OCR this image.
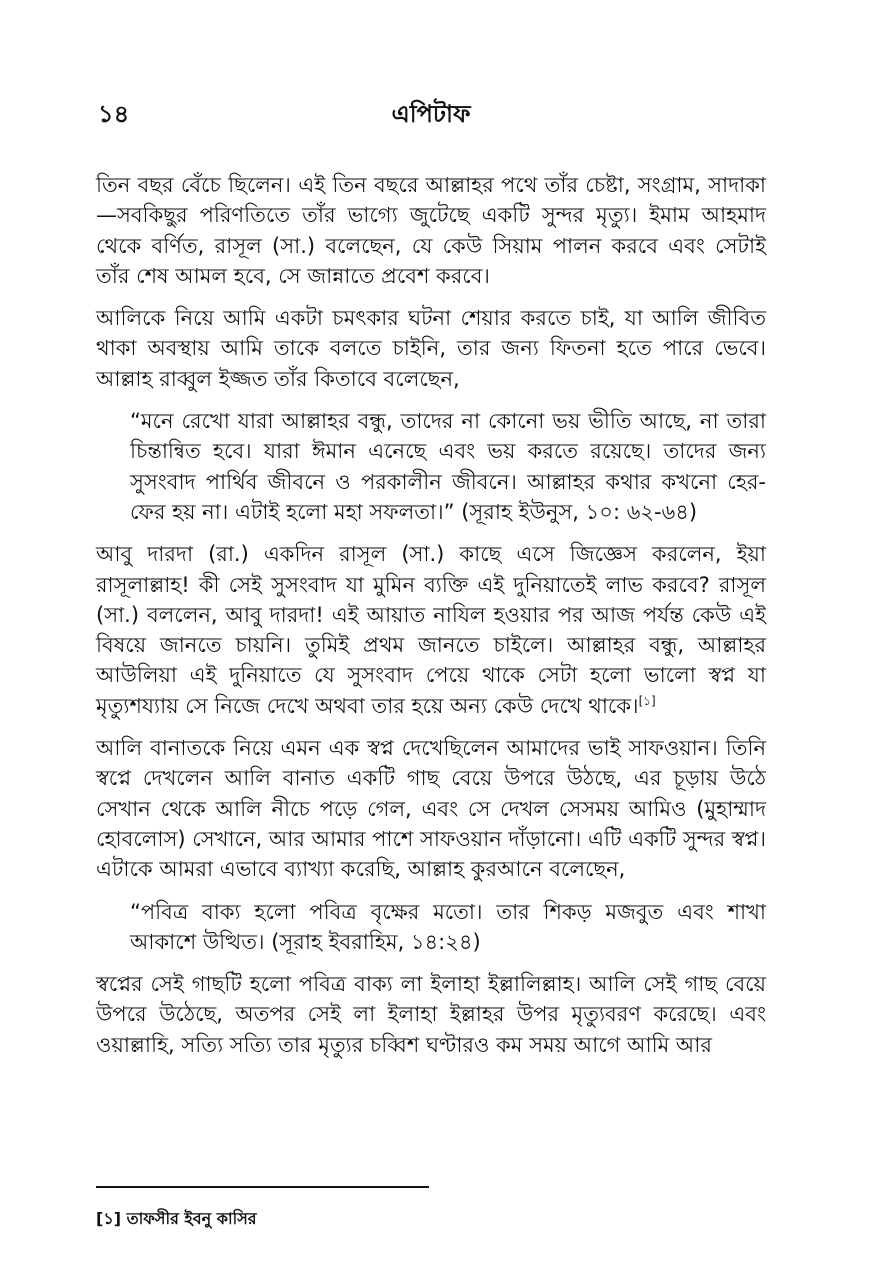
১৪	এপিটাফ

তিন বছর বেঁচে ছিলেন। এই তিন বছরে আল্লাহর পথে তাঁর চেষ্টা, সংগ্রাম, সাদাকা—সবকিছুর পরিণতিতে তাঁর ভাগ্যে জুটেছে একটি সুন্দর মৃত্যু। ইমাম আহমাদ থেকে বর্ণিত, রাসূল (সা.) বলেছেন, যে কেউ সিয়াম পালন করবে এবং সেটাই তাঁর শেষ আমল হবে, সে জান্নাতে প্রবেশ করবে।

আলিকে নিয়ে আমি একটা চমৎকার ঘটনা শেয়ার করতে চাই, যা আলি জীবিত থাকা অবস্থায় আমি তাকে বলতে চাইনি, তার জন্য ফিতনা হতে পারে ভেবে। আল্লাহ রাব্বুল ইজ্জত তাঁর কিতাবে বলেছেন,

“মনে রেখো যারা আল্লাহর বন্ধু, তাদের না কোনো ভয় ভীতি আছে, না তারা চিন্তান্বিত হবে। যারা ঈমান এনেছে এবং ভয় করতে রয়েছে। তাদের জন্য সুসংবাদ পার্থিব জীবনে ও পরকালীন জীবনে। আল্লাহর কথার কখনো হের-ফের হয় না। এটাই হলো মহা সফলতা।” (সূরাহ ইউনুস, ১০: ৬২-৬৪)

আবু দারদা (রা.) একদিন রাসূল (সা.) কাছে এসে জিজ্ঞেস করলেন, ইয়া রাসূলাল্লাহ! কী সেই সুসংবাদ যা মুমিন ব্যক্তি এই দুনিয়াতেই লাভ করবে? রাসূল (সা.) বললেন, আবু দারদা! এই আয়াত নাযিল হওয়ার পর আজ পর্যন্ত কেউ এই বিষয়ে জানতে চায়নি। তুমিই প্রথম জানতে চাইলে। আল্লাহর বন্ধু, আল্লাহর আউলিয়া এই দুনিয়াতে যে সুসংবাদ পেয়ে থাকে সেটা হলো ভালো স্বপ্ন যা মৃত্যুশয্যায় সে নিজে দেখে অথবা তার হয়ে অন্য কেউ দেখে থাকে।[১]

আলি বানাতকে নিয়ে এমন এক স্বপ্ন দেখেছিলেন আমাদের ভাই সাফওয়ান। তিনি স্বপ্নে দেখলেন আলি বানাত একটি গাছ বেয়ে উপরে উঠছে, এর চূড়ায় উঠে সেখান থেকে আলি নীচে পড়ে গেল, এবং সে দেখল সেসময় আমিও (মুহাম্মাদ হোবলোস) সেখানে, আর আমার পাশে সাফওয়ান দাঁড়ানো। এটি একটি সুন্দর স্বপ্ন। এটাকে আমরা এভাবে ব্যাখ্যা করেছি, আল্লাহ কুরআনে বলেছেন,

“পবিত্র বাক্য হলো পবিত্র বৃক্ষের মতো। তার শিকড় মজবুত এবং শাখা আকাশে উত্থিত। (সূরাহ ইবরাহিম, ১৪:২৪)

স্বপ্নের সেই গাছটি হলো পবিত্র বাক্য লা ইলাহা ইল্লালিল্লাহ। আলি সেই গাছ বেয়ে উপরে উঠেছে, অতপর সেই লা ইলাহা ইল্লাহর উপর মৃত্যুবরণ করেছে। এবং ওয়াল্লাহি, সত্যি সত্যি তার মৃত্যুর চব্বিশ ঘণ্টারও কম সময় আগে আমি আর

[১] তাফসীর ইবনু কাসির
